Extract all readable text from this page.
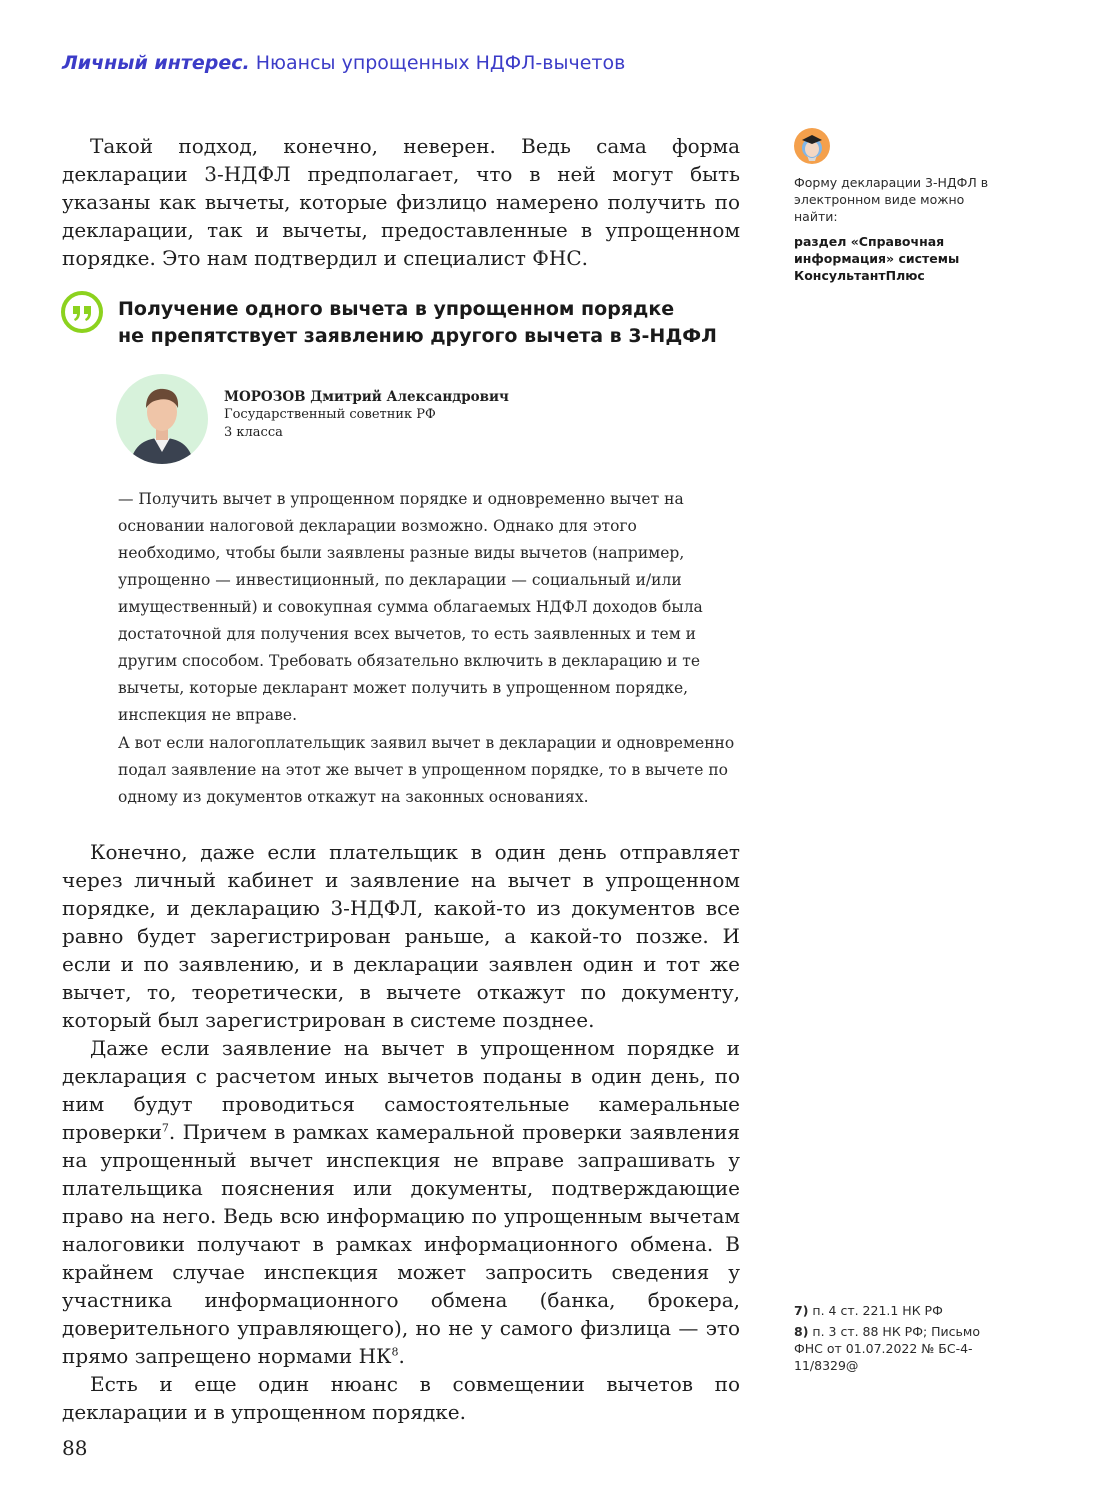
Личный интерес. Нюансы упрощенных НДФЛ-вычетов

Такой подход, конечно, неверен. Ведь сама форма декларации 3-НДФЛ предполагает, что в ней могут быть указаны как вычеты, которые физлицо намерено получить по декларации, так и вычеты, предоставленные в упрощенном порядке. Это нам подтвердил и специалист ФНС.

Получение одного вычета в упрощенном порядке
не препятствует заявлению другого вычета в 3-НДФЛ
МОРОЗОВ Дмитрий Александрович
Государственный советник РФ
3 класса
— Получить вычет в упрощенном порядке и одновременно вычет на основании налоговой декларации возможно. Однако для этого необходимо, чтобы были заявлены разные виды вычетов (например, упрощенно — инвестиционный, по декларации — социальный и/или имущественный) и совокупная сумма облагаемых НДФЛ доходов была достаточной для получения всех вычетов, то есть заявленных и тем и другим способом. Требовать обязательно включить в декларацию и те вычеты, которые декларант может получить в упрощенном порядке, инспекция не вправе.
А вот если налогоплательщик заявил вычет в декларации и одновременно подал заявление на этот же вычет в упрощенном порядке, то в вычете по одному из документов откажут на законных основаниях.

Конечно, даже если плательщик в один день отправляет через личный кабинет и заявление на вычет в упрощенном порядке, и декларацию 3-НДФЛ, какой-то из документов все равно будет зарегистрирован раньше, а какой-то позже. И если и по заявлению, и в декларации заявлен один и тот же вычет, то, теоретически, в вычете откажут по документу, который был зарегистрирован в системе позднее.

Даже если заявление на вычет в упрощенном порядке и декларация с расчетом иных вычетов поданы в один день, по ним будут проводиться самостоятельные камеральные проверки$^7$. Причем в рамках камеральной проверки заявления на упрощенный вычет инспекция не вправе запрашивать у плательщика пояснения или документы, подтверждающие право на него. Ведь всю информацию по упрощенным вычетам налоговики получают в рамках информационного обмена. В крайнем случае инспекция может запросить сведения у участника информационного обмена (банка, брокера, доверительного управляющего), но не у самого физлица — это прямо запрещено нормами $НК^8$.

Есть и еще один нюанс в совмещении вычетов по декларации и в упрощенном порядке.

Форму декларации 3-НДФЛ в электронном виде можно найти:
раздел «Справочная информация» системы КонсультантПлюс
7) п. 4 ст. 221.1 НК РФ
8) п. 3 ст. 88 НК РФ; Письмо ФНС от 01.07.2022 № БС-4-11/8329@
88
